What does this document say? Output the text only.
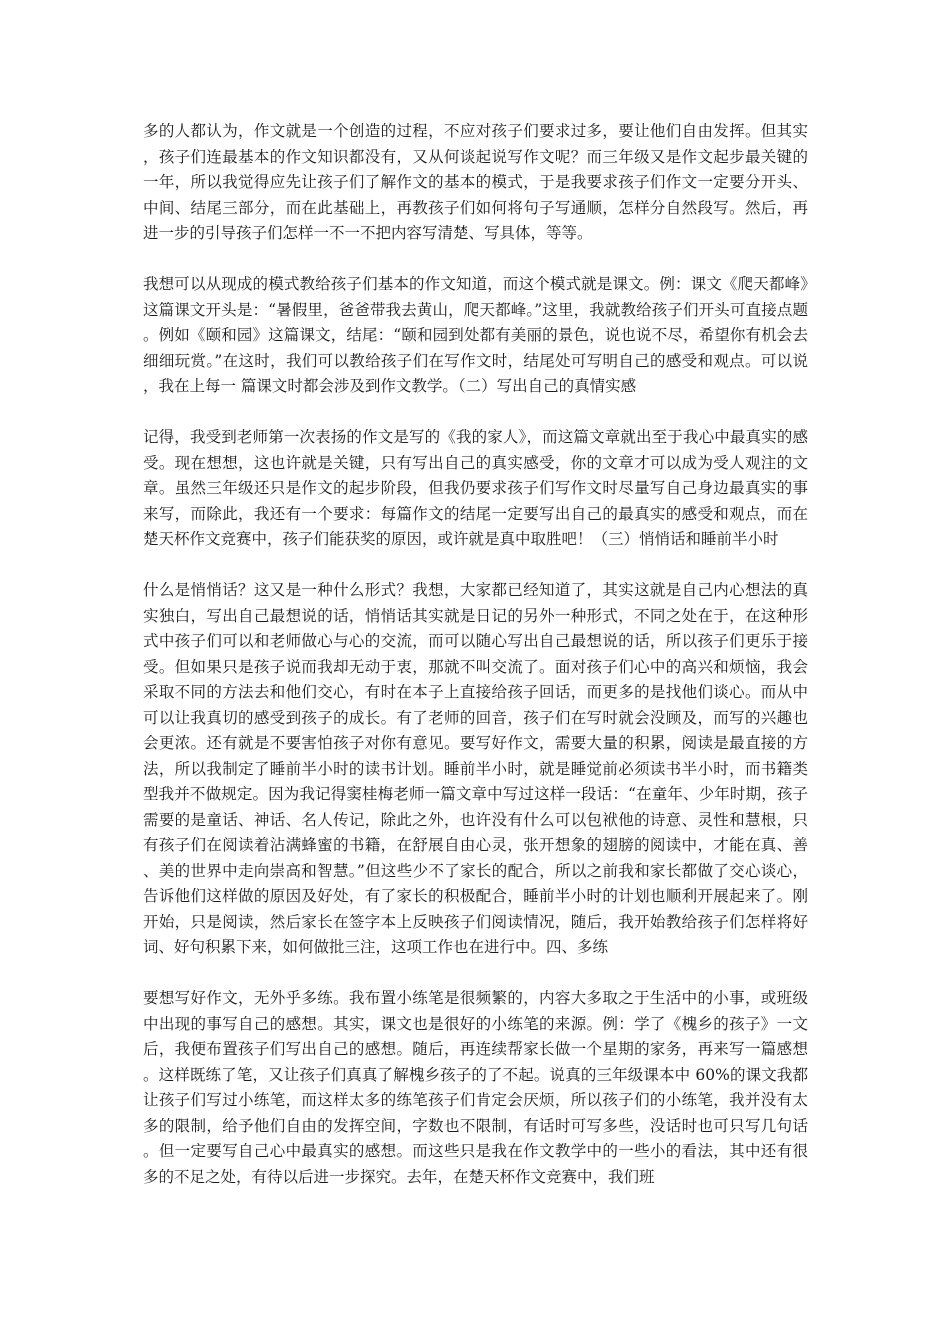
多的人都认为，作文就是一个创造的过程，不应对孩子们要求过多，要让他们自由发挥。但其实，孩子们连最基本的作文知识都没有，又从何谈起说写作文呢？而三年级又是作文起步最关键的一年，所以我觉得应先让孩子们了解作文的基本的模式，于是我要求孩子们作文一定要分开头、中间、结尾三部分，而在此基础上，再教孩子们如何将句子写通顺，怎样分自然段写。然后，再进一步的引导孩子们怎样一不一不把内容写清楚、写具体，等等。

我想可以从现成的模式教给孩子们基本的作文知道，而这个模式就是课文。例：课文《爬天都峰》这篇课文开头是：“暑假里，爸爸带我去黄山，爬天都峰。”这里，我就教给孩子们开头可直接点题。例如《颐和园》这篇课文，结尾：“颐和园到处都有美丽的景色，说也说不尽，希望你有机会去细细玩赏。”在这时，我们可以教给孩子们在写作文时，结尾处可写明自己的感受和观点。可以说，我在上每一 篇课文时都会涉及到作文教学。（二）写出自己的真情实感

记得，我受到老师第一次表扬的作文是写的《我的家人》，而这篇文章就出至于我心中最真实的感受。现在想想，这也许就是关键，只有写出自己的真实感受，你的文章才可以成为受人观注的文章。虽然三年级还只是作文的起步阶段，但我仍要求孩子们写作文时尽量写自己身边最真实的事来写，而除此，我还有一个要求：每篇作文的结尾一定要写出自己的最真实的感受和观点，而在楚天杯作文竞赛中，孩子们能获奖的原因，或许就是真中取胜吧！（三）悄悄话和睡前半小时

什么是悄悄话？这又是一种什么形式？我想，大家都已经知道了，其实这就是自己内心想法的真实独白，写出自己最想说的话，悄悄话其实就是日记的另外一种形式，不同之处在于，在这种形式中孩子们可以和老师做心与心的交流，而可以随心写出自己最想说的话，所以孩子们更乐于接受。但如果只是孩子说而我却无动于衷，那就不叫交流了。面对孩子们心中的高兴和烦恼，我会采取不同的方法去和他们交心，有时在本子上直接给孩子回话，而更多的是找他们谈心。而从中可以让我真切的感受到孩子的成长。有了老师的回音，孩子们在写时就会没顾及，而写的兴趣也会更浓。还有就是不要害怕孩子对你有意见。要写好作文，需要大量的积累，阅读是最直接的方法，所以我制定了睡前半小时的读书计划。睡前半小时，就是睡觉前必须读书半小时，而书籍类型我并不做规定。因为我记得窦桂梅老师一篇文章中写过这样一段话：“在童年、少年时期，孩子需要的是童话、神话、名人传记，除此之外，也许没有什么可以包袱他的诗意、灵性和慧根，只有孩子们在阅读着沾满蜂蜜的书籍，在舒展自由心灵，张开想象的翅膀的阅读中，才能在真、善、美的世界中走向崇高和智慧。”但这些少不了家长的配合，所以之前我和家长都做了交心谈心，告诉他们这样做的原因及好处，有了家长的积极配合，睡前半小时的计划也顺利开展起来了。刚开始，只是阅读，然后家长在签字本上反映孩子们阅读情况，随后，我开始教给孩子们怎样将好词、好句积累下来，如何做批三注，这项工作也在进行中。四、多练

要想写好作文，无外乎多练。我布置小练笔是很频繁的，内容大多取之于生活中的小事，或班级中出现的事写自己的感想。其实，课文也是很好的小练笔的来源。例：学了《槐乡的孩子》一文后，我便布置孩子们写出自己的感想。随后，再连续帮家长做一个星期的家务，再来写一篇感想。这样既练了笔，又让孩子们真真了解槐乡孩子的了不起。说真的三年级课本中 60%的课文我都让孩子们写过小练笔，而这样太多的练笔孩子们肯定会厌烦，所以孩子们的小练笔，我并没有太多的限制，给予他们自由的发挥空间，字数也不限制，有话时可写多些，没话时也可只写几句话。但一定要写自己心中最真实的感想。而这些只是我在作文教学中的一些小的看法，其中还有很多的不足之处，有待以后进一步探究。去年，在楚天杯作文竞赛中，我们班
